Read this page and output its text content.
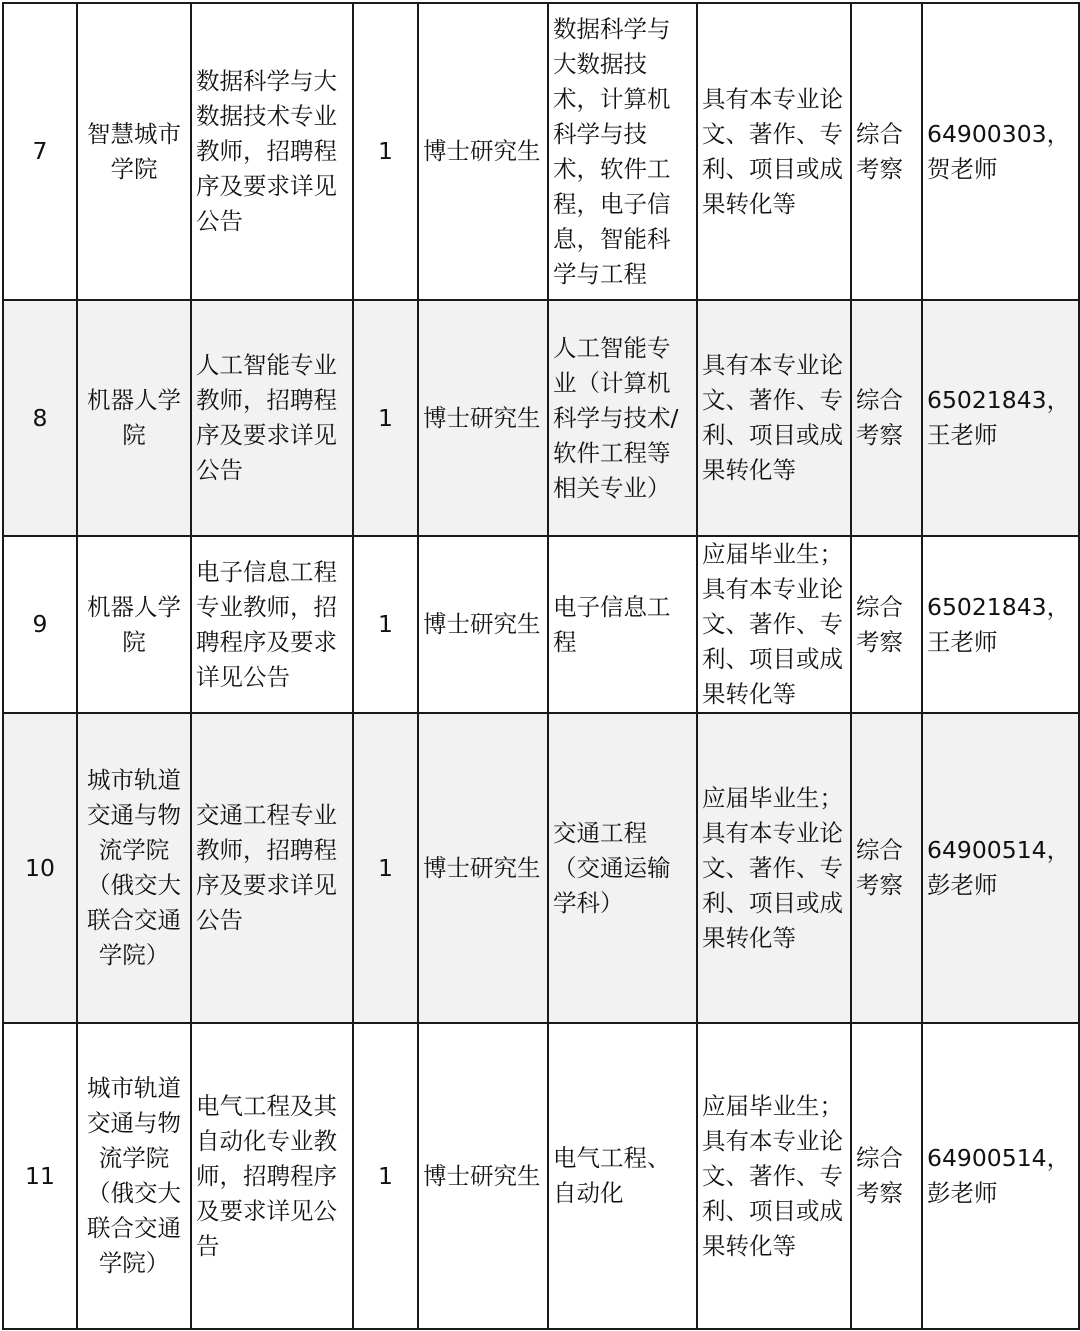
7	智慧城市学院	数据科学与大数据技术专业教师，招聘程序及要求详见公告	1	博士研究生	数据科学与大数据技术，计算机科学与技术，软件工程，电子信息，智能科学与工程	具有本专业论文、著作、专利、项目或成果转化等	综合考察	64900303，贺老师
8	机器人学院	人工智能专业教师，招聘程序及要求详见公告	1	博士研究生	人工智能专业（计算机科学与技术/软件工程等相关专业）	具有本专业论文、著作、专利、项目或成果转化等	综合考察	65021843，王老师
9	机器人学院	电子信息工程专业教师，招聘程序及要求详见公告	1	博士研究生	电子信息工程	应届毕业生；具有本专业论文、著作、专利、项目或成果转化等	综合考察	65021843，王老师
10	城市轨道交通与物流学院（俄交大联合交通学院）	交通工程专业教师，招聘程序及要求详见公告	1	博士研究生	交通工程（交通运输学科）	应届毕业生；具有本专业论文、著作、专利、项目或成果转化等	综合考察	64900514，彭老师
11	城市轨道交通与物流学院（俄交大联合交通学院）	电气工程及其自动化专业教师，招聘程序及要求详见公告	1	博士研究生	电气工程、自动化	应届毕业生；具有本专业论文、著作、专利、项目或成果转化等	综合考察	64900514，彭老师
